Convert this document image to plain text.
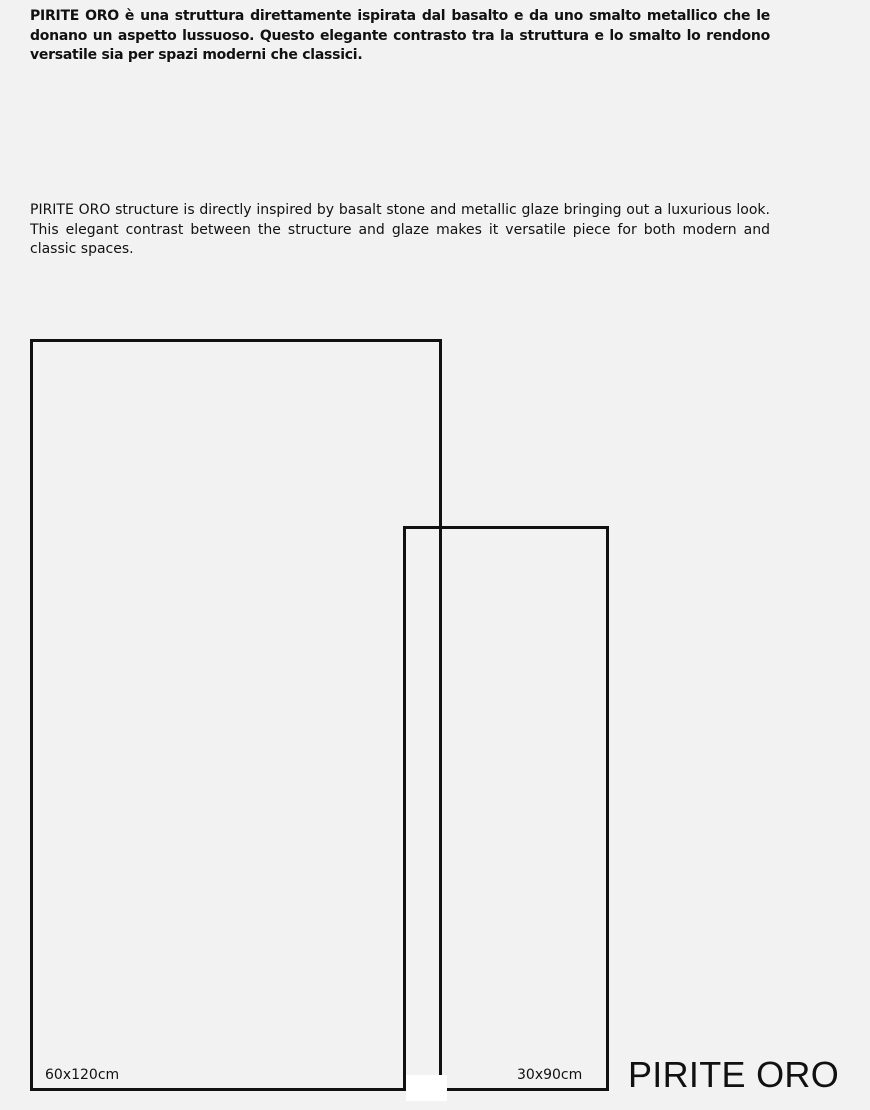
PIRITE ORO è una struttura direttamente ispirata dal basalto e da uno smalto metallico che le donano un aspetto lussuoso. Questo elegante contrasto tra la struttura e lo smalto lo rendono versatile sia per spazi moderni che classici.

PIRITE ORO structure is directly inspired by basalt stone and metallic glaze bringing out a luxurious look. This elegant contrast between the structure and glaze makes it versatile piece for both modern and classic spaces.

60x120cm	30x90cm PIRITE ORO
